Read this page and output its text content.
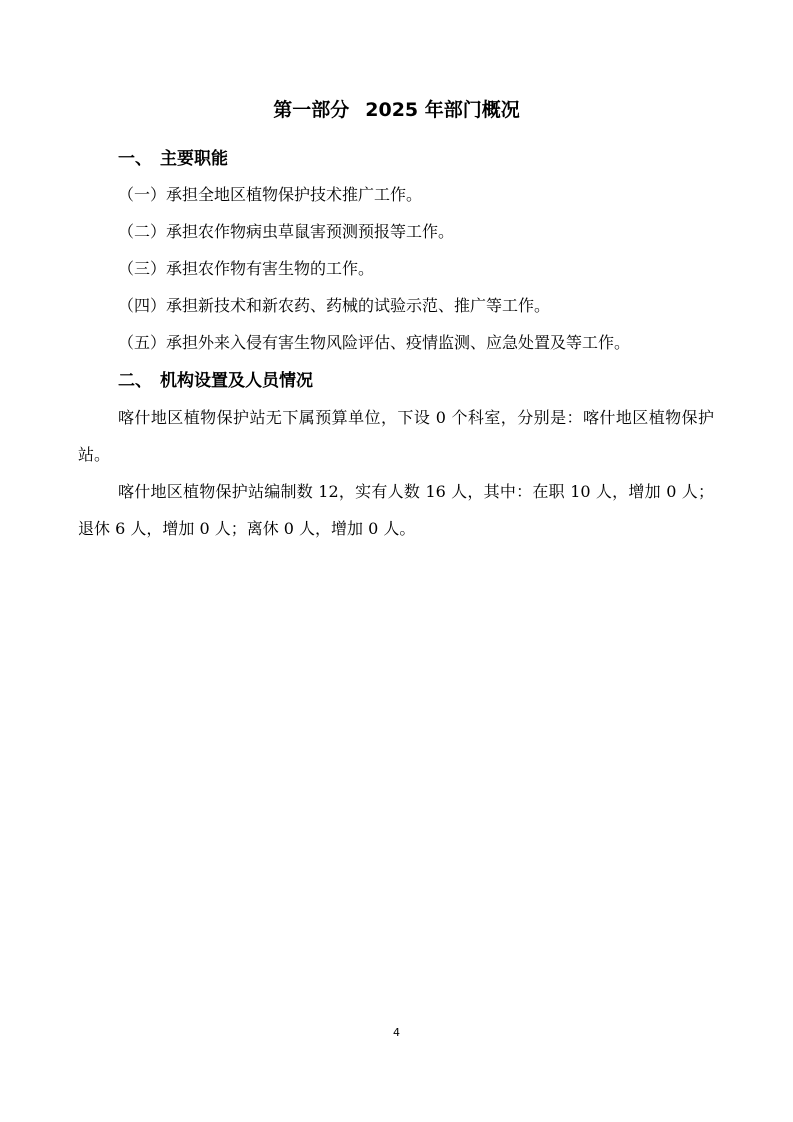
第一部分 2025 年部门概况
一、 主要职能
（一）承担全地区植物保护技术推广工作。
（二）承担农作物病虫草鼠害预测预报等工作。
（三）承担农作物有害生物的工作。
（四）承担新技术和新农药、药械的试验示范、推广等工作。
（五）承担外来入侵有害生物风险评估、疫情监测、应急处置及等工作。
二、 机构设置及人员情况
喀什地区植物保护站无下属预算单位，下设 0 个科室，分别是：喀什地区植物保护站。
喀什地区植物保护站编制数 12，实有人数 16 人，其中：在职 10 人，增加 0 人；退休 6 人，增加 0 人；离休 0 人，增加 0 人。
4
